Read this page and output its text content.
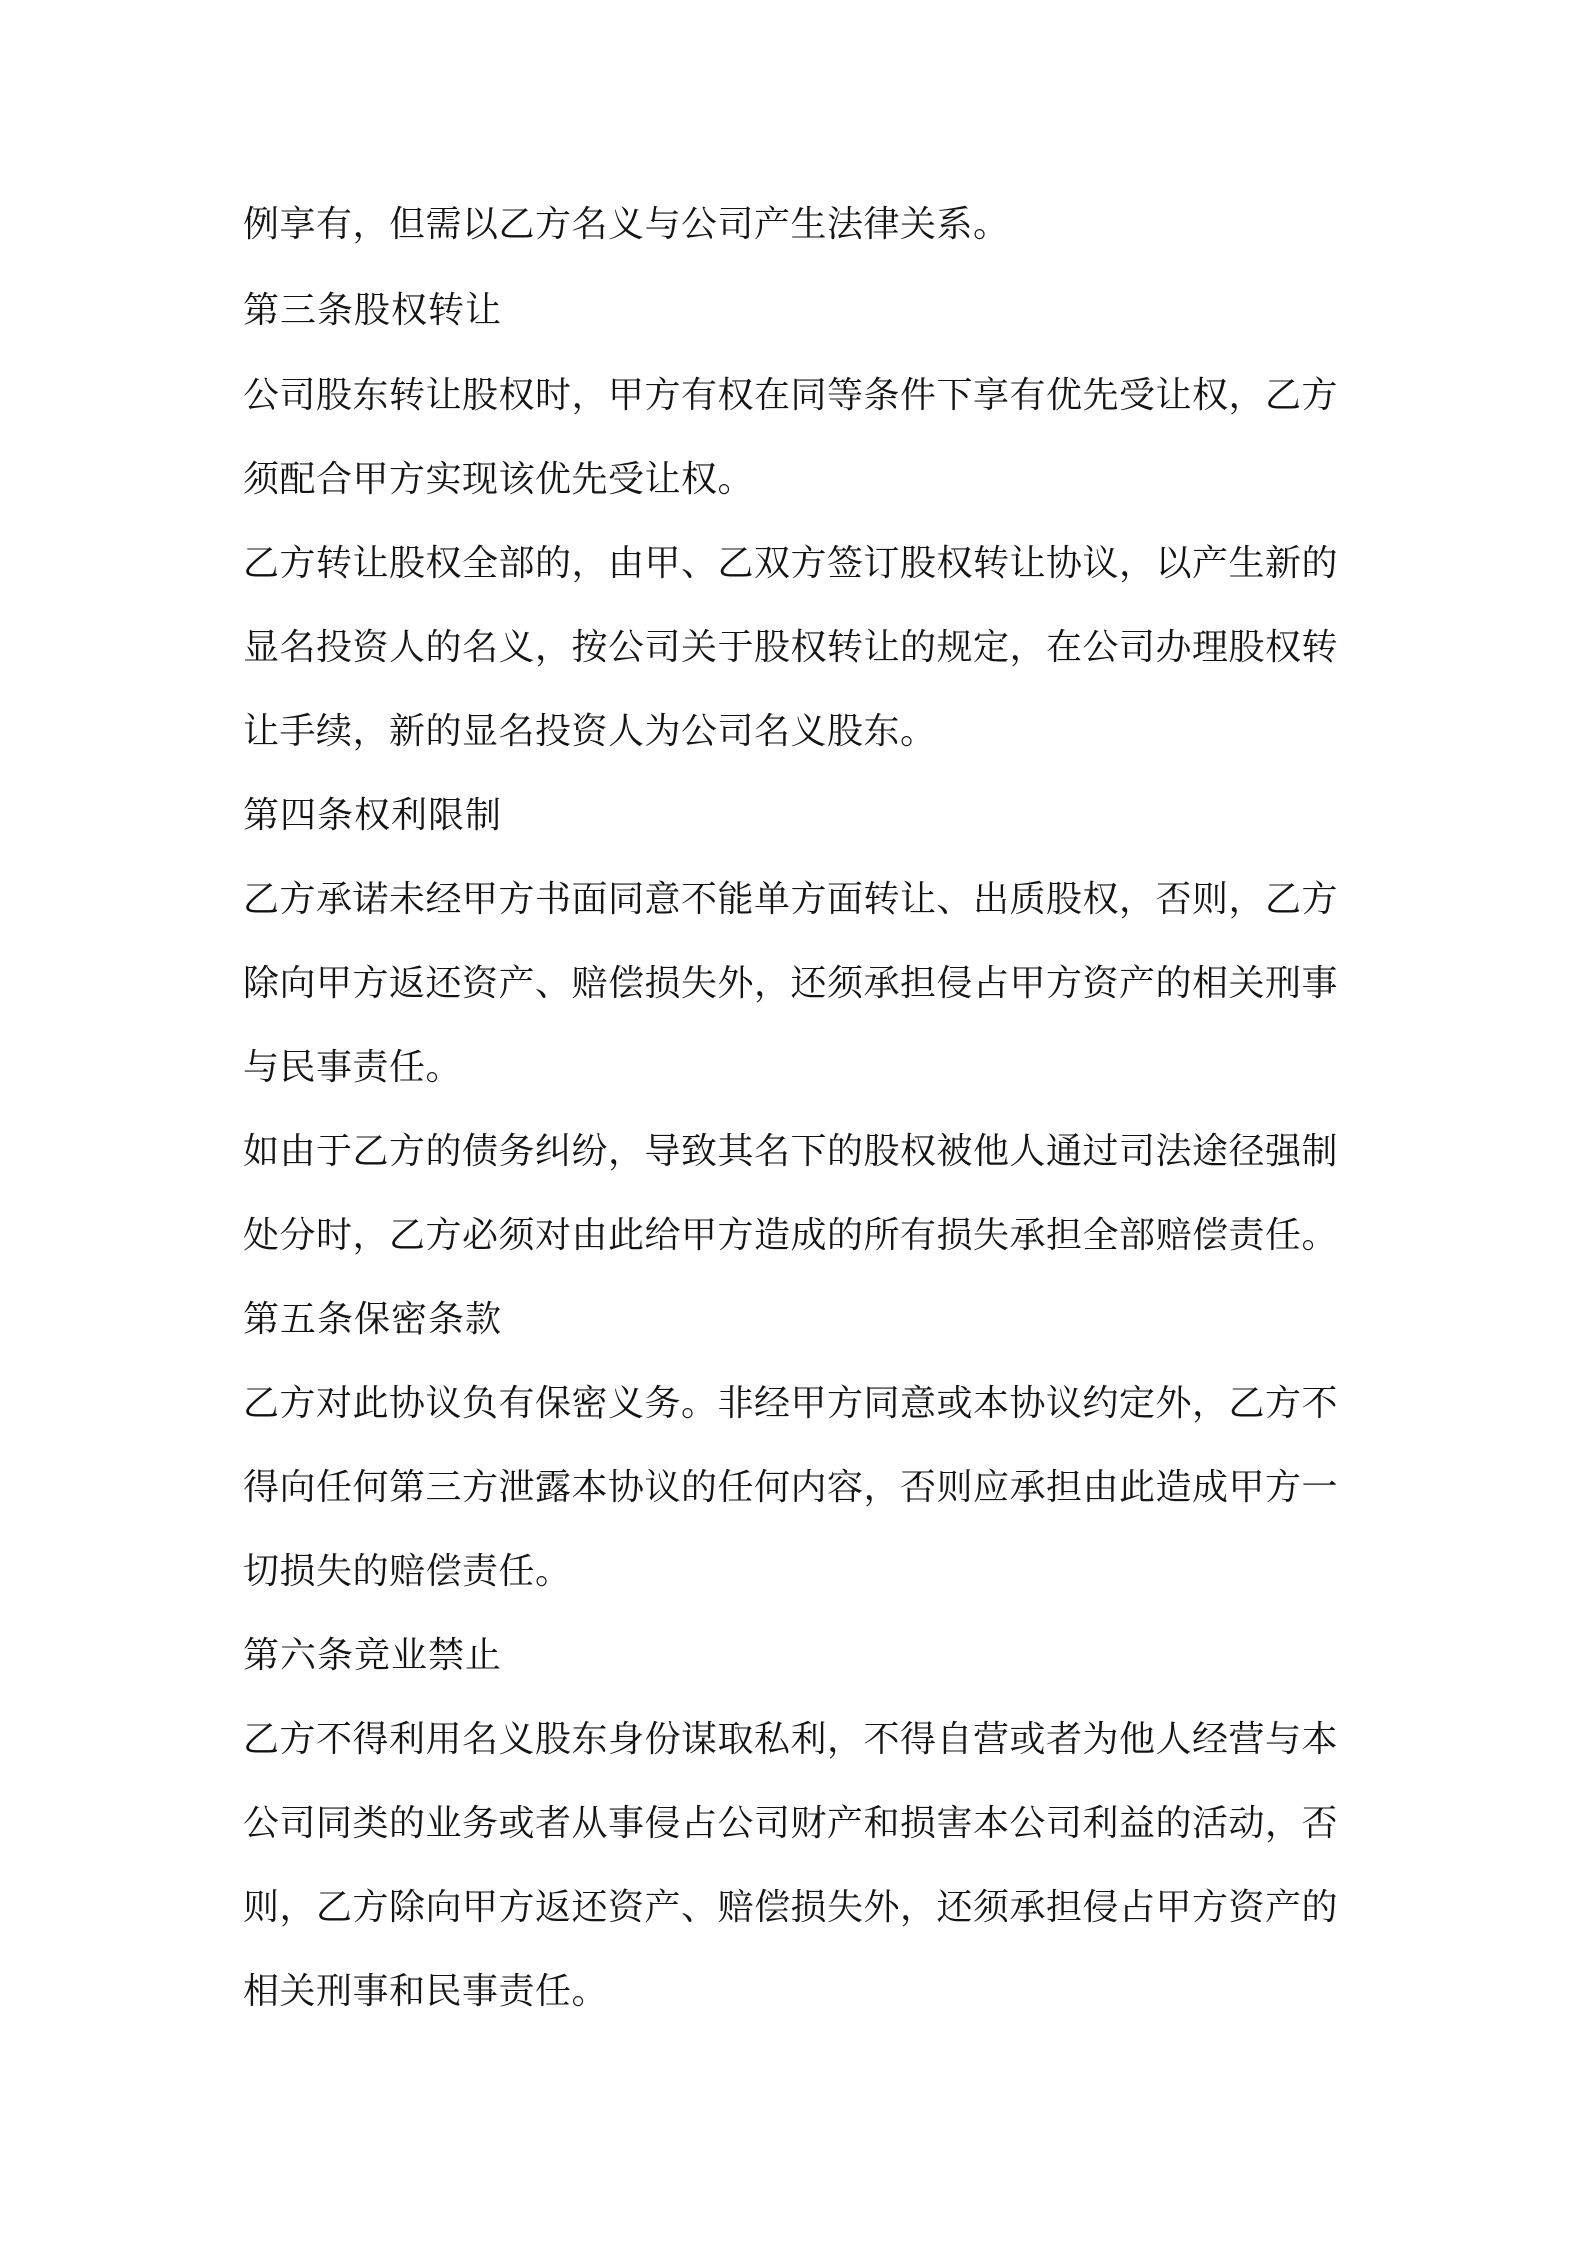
例享有，但需以乙方名义与公司产生法律关系。
第三条股权转让
公司股东转让股权时，甲方有权在同等条件下享有优先受让权，乙方
须配合甲方实现该优先受让权。
乙方转让股权全部的，由甲、乙双方签订股权转让协议，以产生新的
显名投资人的名义，按公司关于股权转让的规定，在公司办理股权转
让手续，新的显名投资人为公司名义股东。
第四条权利限制
乙方承诺未经甲方书面同意不能单方面转让、出质股权，否则，乙方
除向甲方返还资产、赔偿损失外，还须承担侵占甲方资产的相关刑事
与民事责任。
如由于乙方的债务纠纷，导致其名下的股权被他人通过司法途径强制
处分时，乙方必须对由此给甲方造成的所有损失承担全部赔偿责任。
第五条保密条款
乙方对此协议负有保密义务。非经甲方同意或本协议约定外，乙方不
得向任何第三方泄露本协议的任何内容，否则应承担由此造成甲方一
切损失的赔偿责任。
第六条竞业禁止
乙方不得利用名义股东身份谋取私利，不得自营或者为他人经营与本
公司同类的业务或者从事侵占公司财产和损害本公司利益的活动，否
则，乙方除向甲方返还资产、赔偿损失外，还须承担侵占甲方资产的
相关刑事和民事责任。
